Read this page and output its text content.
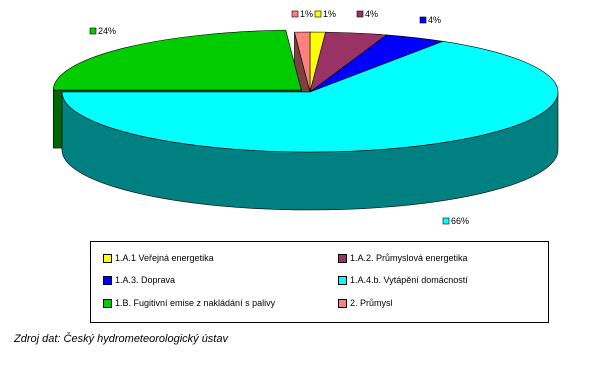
1%	4%
4%
66%
24%
1%
1.A.1 Veřejná energetika	1.A.2. Průmyslová energetika
1.A.3. Doprava	1.A.4.b. Vytápění domácností
1.B. Fugitivní emise z nakládání s palivy	2. Průmysl
Zdroj dat: Český hydrometeorologický ústav
